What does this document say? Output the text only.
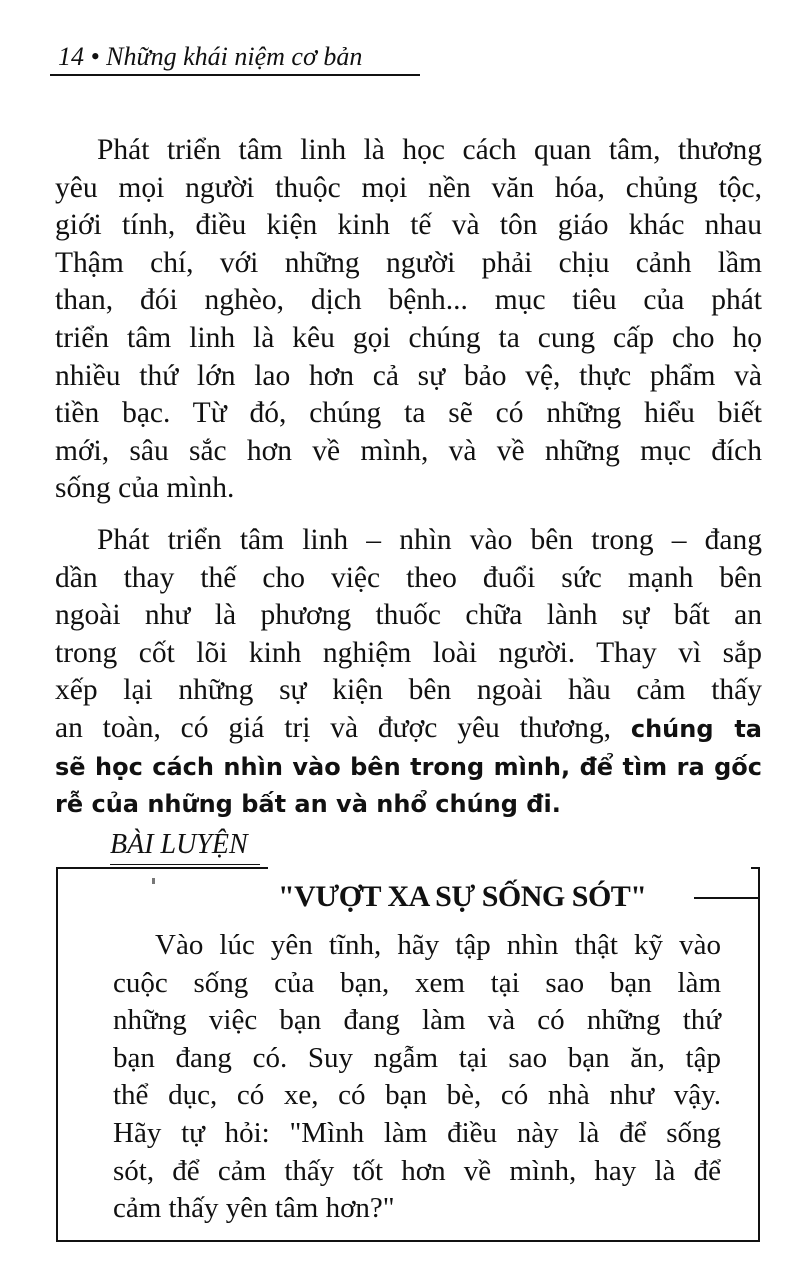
14 • Những khái niệm cơ bản
Phát triển tâm linh là học cách quan tâm, thương
yêu mọi người thuộc mọi nền văn hóa, chủng tộc,
giới tính, điều kiện kinh tế và tôn giáo khác nhau
Thậm chí, với những người phải chịu cảnh lầm
than, đói nghèo, dịch bệnh... mục tiêu của phát
triển tâm linh là kêu gọi chúng ta cung cấp cho họ
nhiều thứ lớn lao hơn cả sự bảo vệ, thực phẩm và
tiền bạc. Từ đó, chúng ta sẽ có những hiểu biết
mới, sâu sắc hơn về mình, và về những mục đích
sống của mình.
Phát triển tâm linh – nhìn vào bên trong – đang
dần thay thế cho việc theo đuổi sức mạnh bên
ngoài như là phương thuốc chữa lành sự bất an
trong cốt lõi kinh nghiệm loài người. Thay vì sắp
xếp lại những sự kiện bên ngoài hầu cảm thấy
an toàn, có giá trị và được yêu thương, chúng ta
sẽ học cách nhìn vào bên trong mình, để tìm ra gốc
rễ của những bất an và nhổ chúng đi.
BÀI LUYỆN
"VƯỢT XA SỰ SỐNG SÓT"
Vào lúc yên tĩnh, hãy tập nhìn thật kỹ vào
cuộc sống của bạn, xem tại sao bạn làm
những việc bạn đang làm và có những thứ
bạn đang có. Suy ngẫm tại sao bạn ăn, tập
thể dục, có xe, có bạn bè, có nhà như vậy.
Hãy tự hỏi: "Mình làm điều này là để sống
sót, để cảm thấy tốt hơn về mình, hay là để
cảm thấy yên tâm hơn?"
